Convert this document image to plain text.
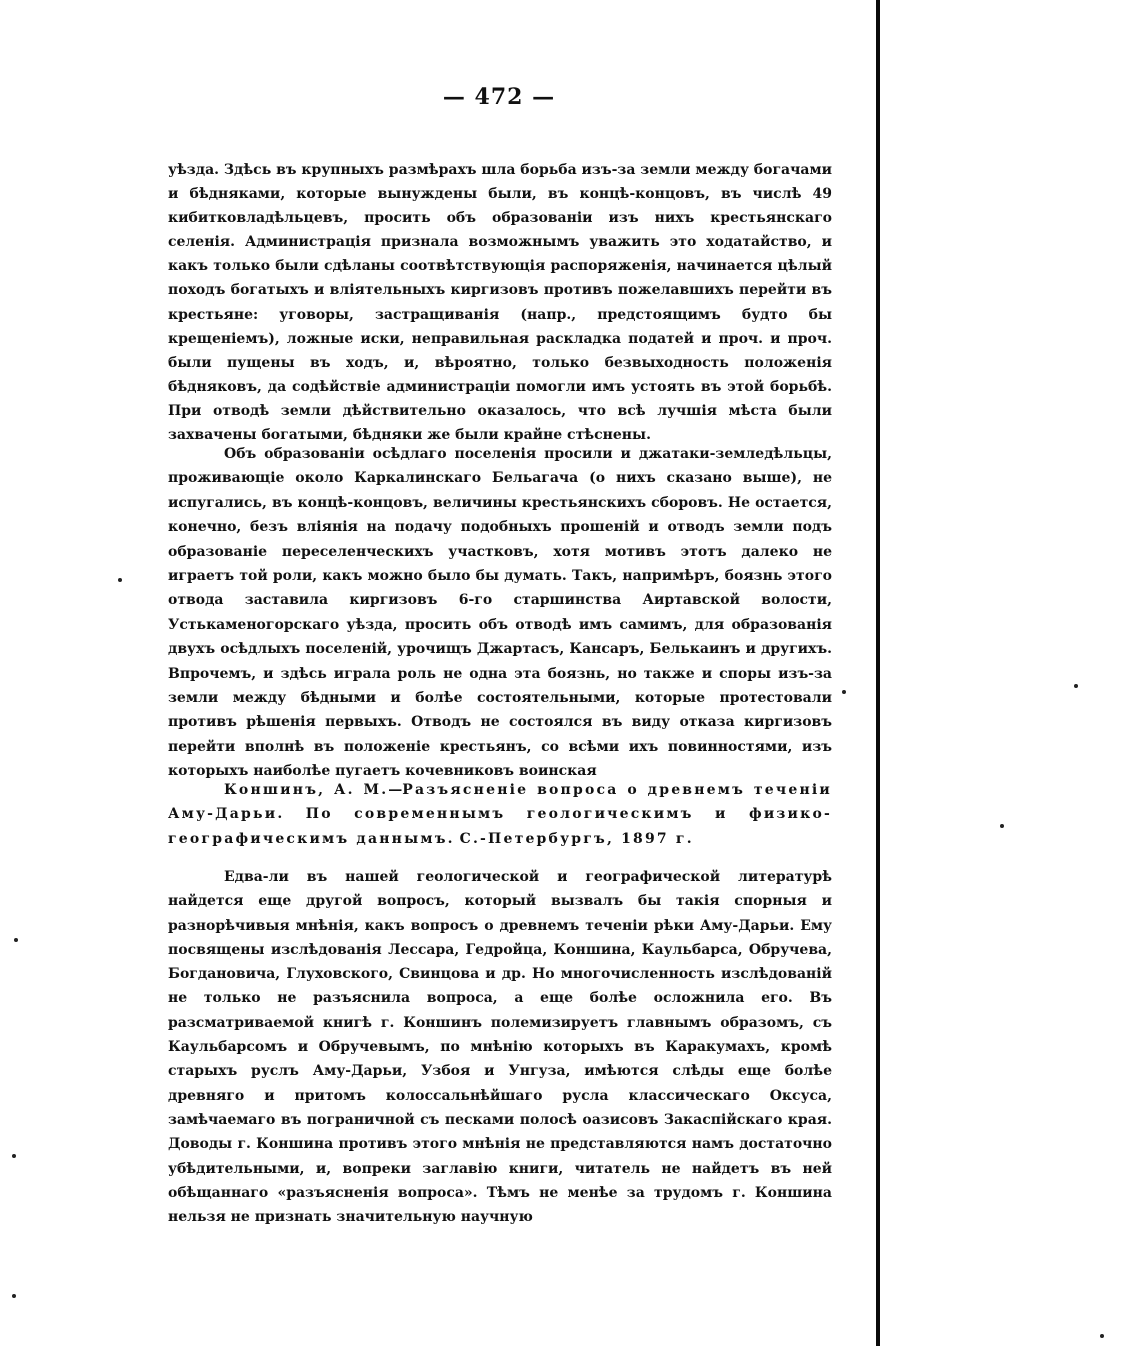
— 472 —

уѣзда. Здѣсь въ крупныхъ размѣрахъ шла борьба изъ-за земли между богачами и бѣдняками, которые вынуждены были, въ концѣ-концовъ, въ числѣ 49 кибитковладѣльцевъ, просить объ образованіи изъ нихъ крестьянскаго селенія. Администрація признала возможнымъ уважить это ходатайство, и какъ только были сдѣланы соотвѣтствующія распоряженія, начинается цѣлый походъ богатыхъ и вліятельныхъ киргизовъ противъ пожелавшихъ перейти въ крестьяне: уговоры, застращиванія (напр., предстоящимъ будто бы крещеніемъ), ложные иски, неправильная раскладка податей и проч. и проч. были пущены въ ходъ, и, вѣроятно, только безвыходность положенія бѣдняковъ, да содѣйствіе администраціи помогли имъ устоять въ этой борьбѣ. При отводѣ земли дѣйствительно оказалось, что всѣ лучшія мѣста были захвачены богатыми, бѣдняки же были крайне стѣснены.

Объ образованіи осѣдлаго поселенія просили и джатаки-земледѣльцы, проживающіе около Каркалинскаго Бельагача (о нихъ сказано выше), не испугались, въ концѣ-концовъ, величины крестьянскихъ сборовъ. Не остается, конечно, безъ вліянія на подачу подобныхъ прошеній и отводъ земли подъ образованіе переселенческихъ участковъ, хотя мотивъ этотъ далеко не играетъ той роли, какъ можно было бы думать. Такъ, напримѣръ, боязнь этого отвода заставила киргизовъ 6-го старшинства Аиртавской волости, Устькаменогорскаго уѣзда, просить объ отводѣ имъ самимъ, для образованія двухъ осѣдлыхъ поселеній, урочищъ Джартасъ, Кансаръ, Белькаинъ и другихъ. Впрочемъ, и здѣсь играла роль не одна эта боязнь, но также и споры изъ-за земли между бѣдными и болѣе состоятельными, которые протестовали противъ рѣшенія первыхъ. Отводъ не состоялся въ виду отказа киргизовъ перейти вполнѣ въ положеніе крестьянъ, со всѣми ихъ повинностями, изъ которыхъ наиболѣе пугаетъ кочевниковъ воинская

Коншинъ, А. М.—Разъясненіе вопроса о древнемъ теченіи Аму-Дарьи. По современнымъ геологическимъ и физико-географическимъ даннымъ. С.-Петербургъ, 1897 г.

Едва-ли въ нашей геологической и географической литературѣ найдется еще другой вопросъ, который вызвалъ бы такія спорныя и разнорѣчивыя мнѣнія, какъ вопросъ о древнемъ теченіи рѣки Аму-Дарьи. Ему посвящены изслѣдованія Лессара, Гедройца, Коншина, Каульбарса, Обручева, Богдановича, Глуховского, Свинцова и др. Но многочисленность изслѣдованій не только не разъяснила вопроса, а еще болѣе осложнила его. Въ разсматриваемой книгѣ г. Коншинъ полемизируетъ главнымъ образомъ, съ Каульбарсомъ и Обручевымъ, по мнѣнію которыхъ въ Каракумахъ, кромѣ старыхъ руслъ Аму-Дарьи, Узбоя и Унгуза, имѣются слѣды еще болѣе древняго и притомъ колоссальнѣйшаго русла классическаго Оксуса, замѣчаемаго въ пограничной съ песками полосѣ оазисовъ Закаспійскаго края. Доводы г. Коншина противъ этого мнѣнія не представляются намъ достаточно убѣдительными, и, вопреки заглавію книги, читатель не найдетъ въ ней обѣщаннаго «разъясненія вопроса». Тѣмъ не менѣе за трудомъ г. Коншина нельзя не признать значительную научную
